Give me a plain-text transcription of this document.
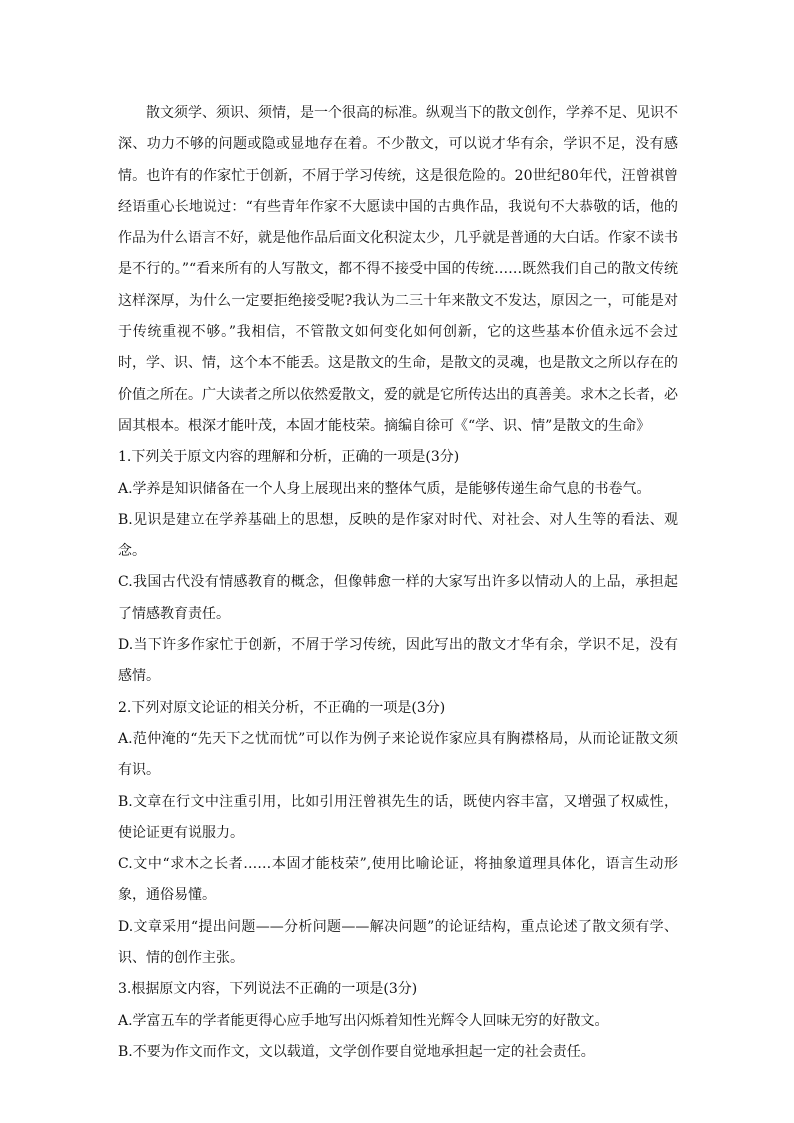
散文须学、须识、须情，是一个很高的标准。纵观当下的散文创作，学养不足、见识不深、功力不够的问题或隐或显地存在着。不少散文，可以说才华有余，学识不足，没有感情。也许有的作家忙于创新，不屑于学习传统，这是很危险的。20世纪80年代，汪曾祺曾经语重心长地说过：“有些青年作家不大愿读中国的古典作品，我说句不大恭敬的话，他的作品为什么语言不好，就是他作品后面文化积淀太少，几乎就是普通的大白话。作家不读书是不行的。”“看来所有的人写散文，都不得不接受中国的传统……既然我们自己的散文传统这样深厚，为什么一定要拒绝接受呢?我认为二三十年来散文不发达，原因之一，可能是对于传统重视不够。”我相信，不管散文如何变化如何创新，它的这些基本价值永远不会过时，学、识、情，这个本不能丢。这是散文的生命，是散文的灵魂，也是散文之所以存在的价值之所在。广大读者之所以依然爱散文，爱的就是它所传达出的真善美。求木之长者，必固其根本。根深才能叶茂，本固才能枝荣。摘编自徐可《“学、识、情”是散文的生命》

1.下列关于原文内容的理解和分析，正确的一项是(3分)

A.学养是知识储备在一个人身上展现出来的整体气质，是能够传递生命气息的书卷气。

B.见识是建立在学养基础上的思想，反映的是作家对时代、对社会、对人生等的看法、观念。

C.我国古代没有情感教育的概念，但像韩愈一样的大家写出许多以情动人的上品，承担起了情感教育责任。

D.当下许多作家忙于创新，不屑于学习传统，因此写出的散文才华有余，学识不足，没有感情。

2.下列对原文论证的相关分析，不正确的一项是(3分)

A.范仲淹的“先天下之忧而忧”可以作为例子来论说作家应具有胸襟格局，从而论证散文须有识。

B.文章在行文中注重引用，比如引用汪曾祺先生的话，既使内容丰富，又增强了权威性，使论证更有说服力。

C.文中“求木之长者……本固才能枝荣”,使用比喻论证，将抽象道理具体化，语言生动形象，通俗易懂。

D.文章采用“提出问题——分析问题——解决问题”的论证结构，重点论述了散文须有学、识、情的创作主张。

3.根据原文内容，下列说法不正确的一项是(3分)

A.学富五车的学者能更得心应手地写出闪烁着知性光辉令人回味无穷的好散文。

B.不要为作文而作文，文以载道，文学创作要自觉地承担起一定的社会责任。
